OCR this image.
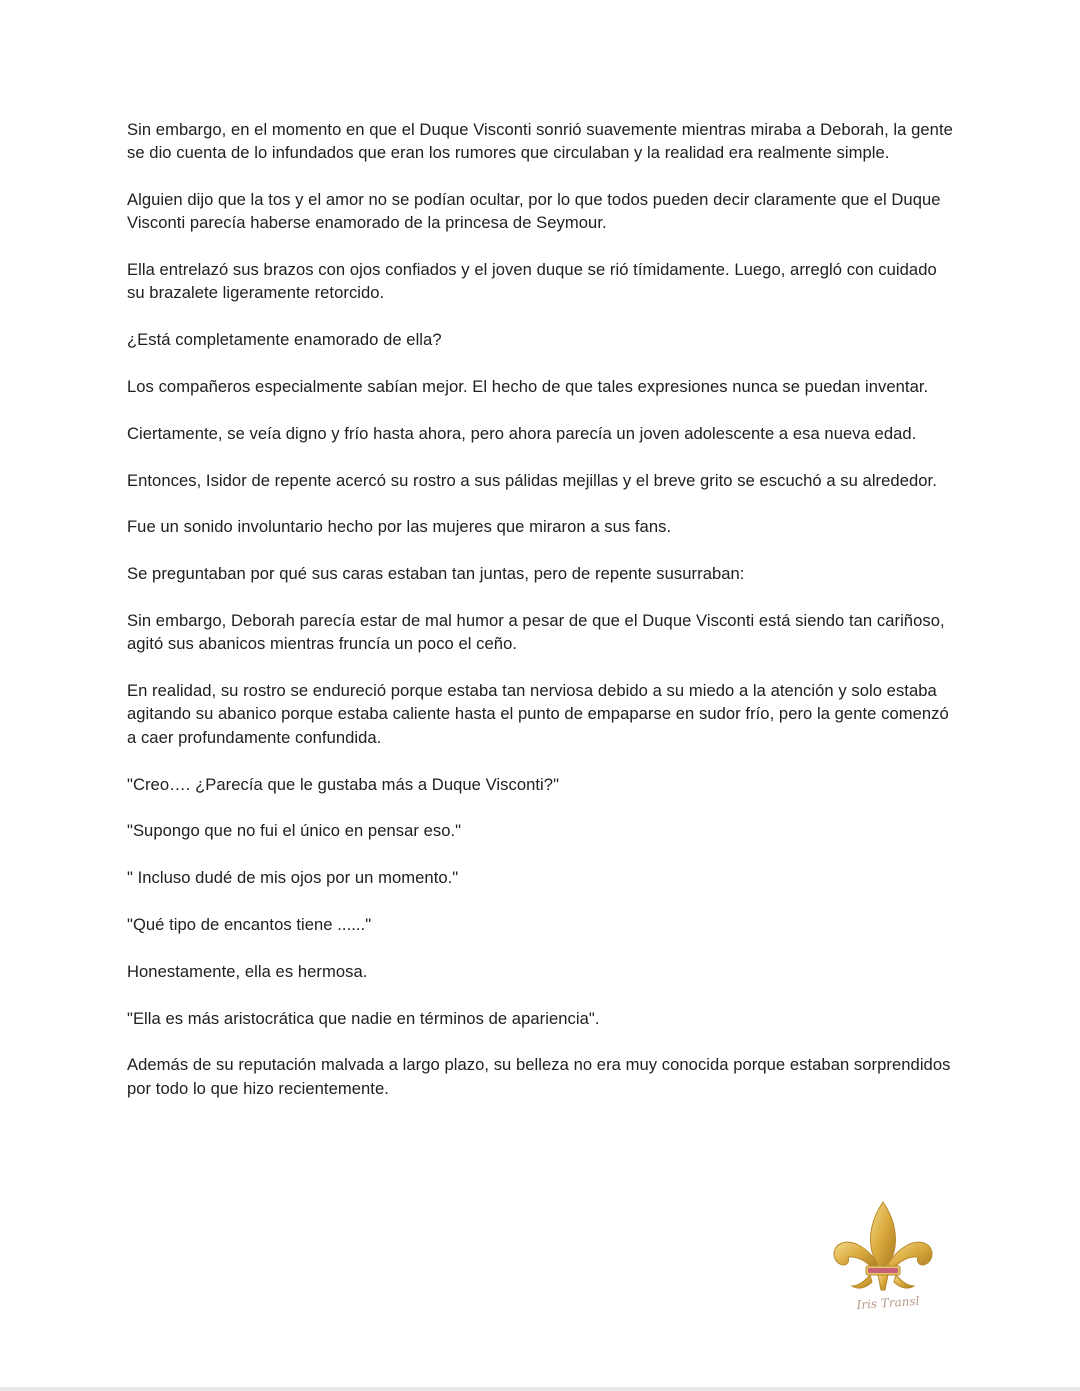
Sin embargo, en el momento en que el Duque Visconti sonrió suavemente mientras miraba a Deborah, la gente se dio cuenta de lo infundados que eran los rumores que circulaban y la realidad era realmente simple.

Alguien dijo que la tos y el amor no se podían ocultar, por lo que todos pueden decir claramente que el Duque Visconti parecía haberse enamorado de la princesa de Seymour.

Ella entrelazó sus brazos con ojos confiados y el joven duque se rió tímidamente. Luego, arregló con cuidado su brazalete ligeramente retorcido.

¿Está completamente enamorado de ella?

Los compañeros especialmente sabían mejor. El hecho de que tales expresiones nunca se puedan inventar.

Ciertamente, se veía digno y frío hasta ahora, pero ahora parecía un joven adolescente a esa nueva edad.

Entonces, Isidor de repente acercó su rostro a sus pálidas mejillas y el breve grito se escuchó a su alrededor.

Fue un sonido involuntario hecho por las mujeres que miraron a sus fans.

Se preguntaban por qué sus caras estaban tan juntas, pero de repente susurraban:

Sin embargo, Deborah parecía estar de mal humor a pesar de que el Duque Visconti está siendo tan cariñoso, agitó sus abanicos mientras fruncía un poco el ceño.

En realidad, su rostro se endureció porque estaba tan nerviosa debido a su miedo a la atención y solo estaba agitando su abanico porque estaba caliente hasta el punto de empaparse en sudor frío, pero la gente comenzó a caer profundamente confundida.

"Creo…. ¿Parecía que le gustaba más a Duque Visconti?"

"Supongo que no fui el único en pensar eso."

" Incluso dudé de mis ojos por un momento."

"Qué tipo de encantos tiene ......"

Honestamente, ella es hermosa.

"Ella es más aristocrática que nadie en términos de apariencia".

Además de su reputación malvada a largo plazo, su belleza no era muy conocida porque estaban sorprendidos por todo lo que hizo recientemente.

Iris Transl
